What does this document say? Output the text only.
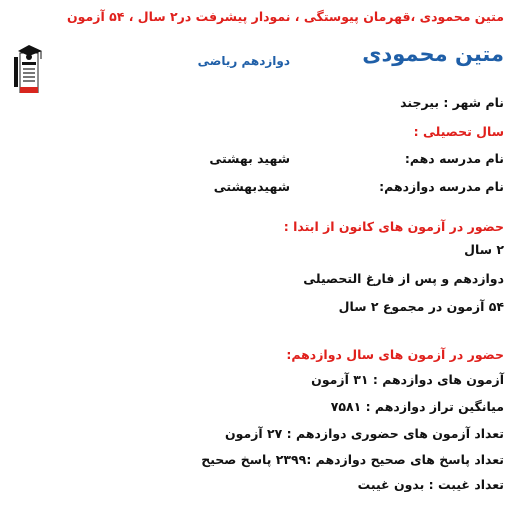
متین محمودی ،قهرمان پیوستگی ، نمودار پیشرفت در۲ سال ، ۵۴ آزمون
متین محمودی
دوازدهم ریاضی
نام شهر : بیرجند
سال تحصیلی :
نام مدرسه دهم:
شهید بهشتی
نام مدرسه دوازدهم:
شهیدبهشتی
حضور در آزمون های کانون از ابتدا :
۲ سال
دوازدهم و پس از فارغ التحصیلی
۵۴ آزمون در مجموع ۲ سال
حضور در آزمون های سال دوازدهم:
آزمون های دوازدهم : ۳۱ آزمون
میانگین تراز دوازدهم : ۷۵۸۱
تعداد آزمون های حضوری دوازدهم : ۲۷ آزمون
تعداد پاسخ های صحیح دوازدهم :۲۳۹۹ پاسخ صحیح
تعداد غیبت : بدون غیبت
